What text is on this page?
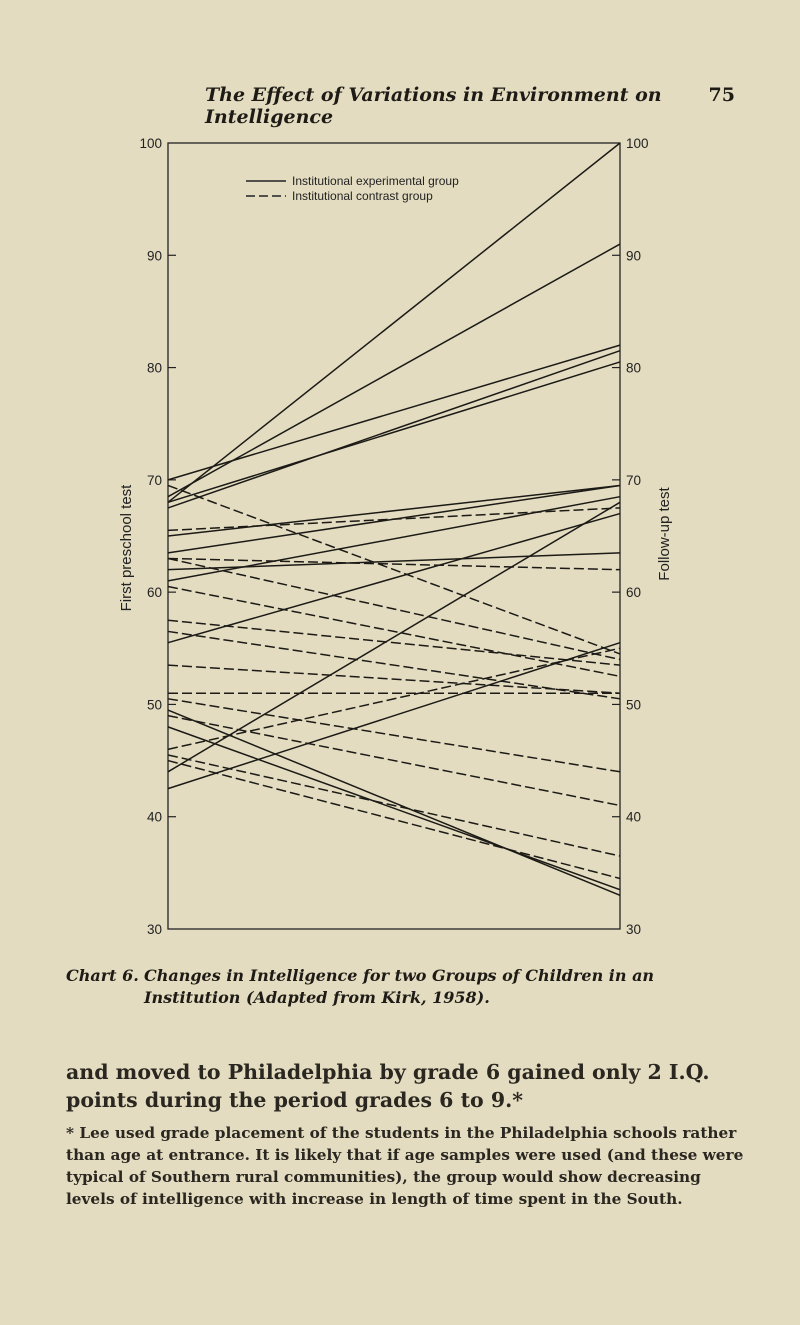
The Effect of Variations in Environment on Intelligence
75
100	100
90	90
80	80
70	70
60	60
50	50
40	40
30	30
Institutional experimental group
Institutional contrast group
First preschool test	Follow-up test
Chart 6. Changes in Intelligence for two Groups of Children in an Institution (Adapted from Kirk, 1958).
and moved to Philadelphia by grade 6 gained only 2 I.Q. points during the period grades 6 to 9.*
* Lee used grade placement of the students in the Philadelphia schools rather than age at entrance. It is likely that if age samples were used (and these were typical of Southern rural communities), the group would show decreasing levels of intelligence with increase in length of time spent in the South.
